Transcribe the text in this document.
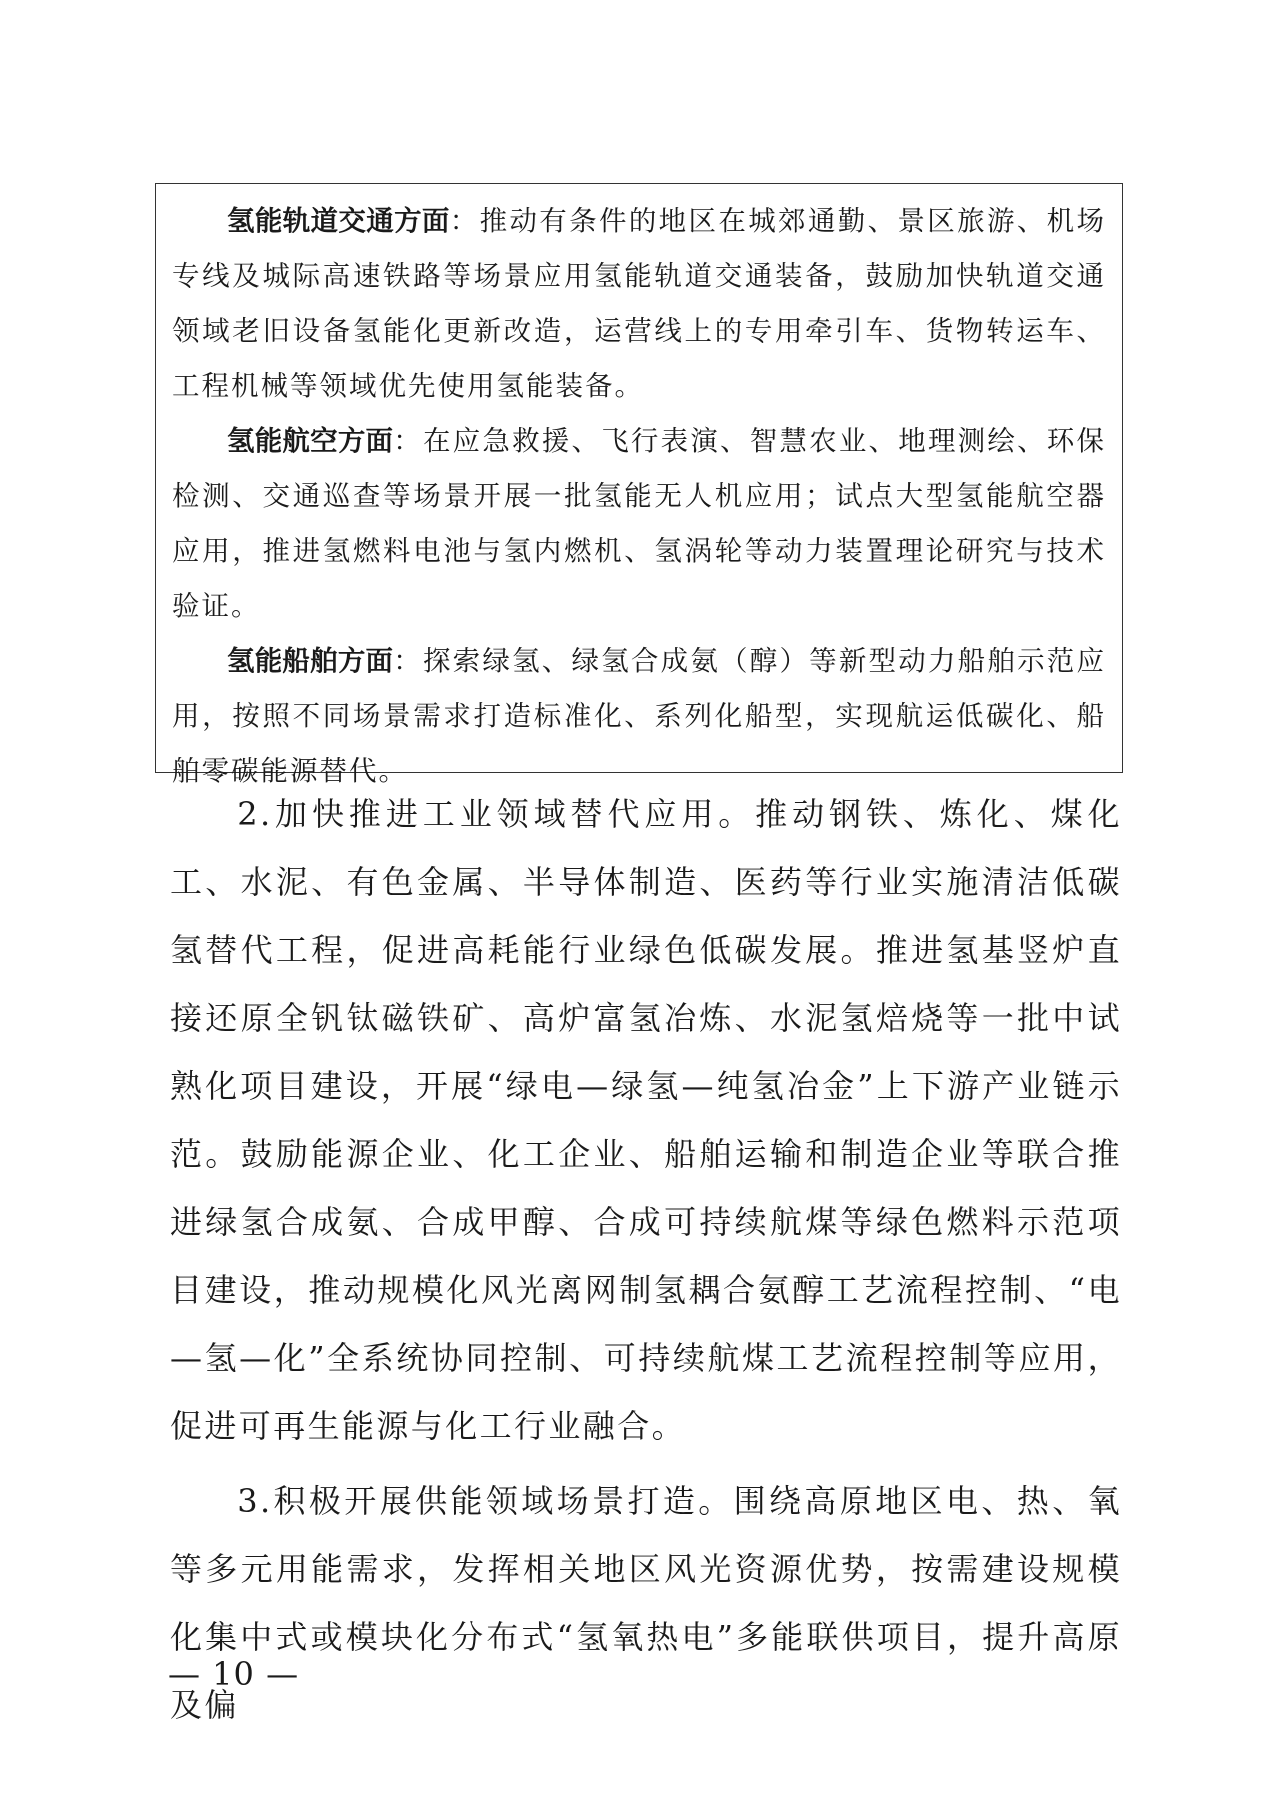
氢能轨道交通方面：推动有条件的地区在城郊通勤、景区旅游、机场专线及城际高速铁路等场景应用氢能轨道交通装备，鼓励加快轨道交通领域老旧设备氢能化更新改造，运营线上的专用牵引车、货物转运车、工程机械等领域优先使用氢能装备。

氢能航空方面：在应急救援、飞行表演、智慧农业、地理测绘、环保检测、交通巡查等场景开展一批氢能无人机应用；试点大型氢能航空器应用，推进氢燃料电池与氢内燃机、氢涡轮等动力装置理论研究与技术验证。

氢能船舶方面：探索绿氢、绿氢合成氨（醇）等新型动力船舶示范应用，按照不同场景需求打造标准化、系列化船型，实现航运低碳化、船舶零碳能源替代。

2.加快推进工业领域替代应用。推动钢铁、炼化、煤化工、水泥、有色金属、半导体制造、医药等行业实施清洁低碳氢替代工程，促进高耗能行业绿色低碳发展。推进氢基竖炉直接还原全钒钛磁铁矿、高炉富氢冶炼、水泥氢焙烧等一批中试熟化项目建设，开展“绿电—绿氢—纯氢冶金”上下游产业链示范。鼓励能源企业、化工企业、船舶运输和制造企业等联合推进绿氢合成氨、合成甲醇、合成可持续航煤等绿色燃料示范项目建设，推动规模化风光离网制氢耦合氨醇工艺流程控制、“电—氢—化”全系统协同控制、可持续航煤工艺流程控制等应用，促进可再生能源与化工行业融合。

3.积极开展供能领域场景打造。围绕高原地区电、热、氧等多元用能需求，发挥相关地区风光资源优势，按需建设规模化集中式或模块化分布式“氢氧热电”多能联供项目，提升高原及偏

— 10 —
